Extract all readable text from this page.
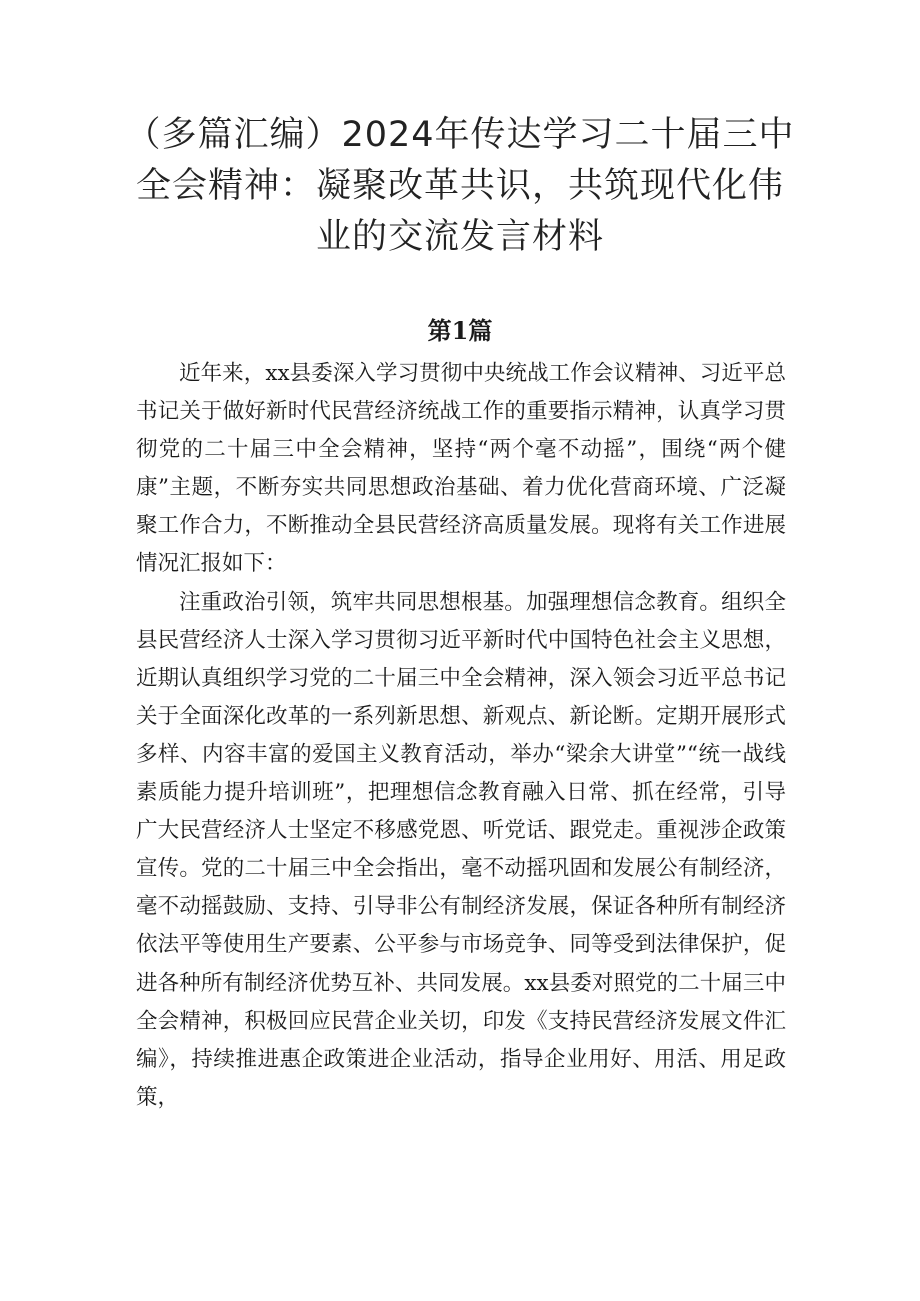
（多篇汇编）2024年传达学习二十届三中全会精神：凝聚改革共识，共筑现代化伟业的交流发言材料
第1篇

近年来，xx县委深入学习贯彻中央统战工作会议精神、习近平总书记关于做好新时代民营经济统战工作的重要指示精神，认真学习贯彻党的二十届三中全会精神，坚持“两个毫不动摇”，围绕“两个健康”主题，不断夯实共同思想政治基础、着力优化营商环境、广泛凝聚工作合力，不断推动全县民营经济高质量发展。现将有关工作进展情况汇报如下：

注重政治引领，筑牢共同思想根基。加强理想信念教育。组织全县民营经济人士深入学习贯彻习近平新时代中国特色社会主义思想，近期认真组织学习党的二十届三中全会精神，深入领会习近平总书记关于全面深化改革的一系列新思想、新观点、新论断。定期开展形式多样、内容丰富的爱国主义教育活动，举办“梁余大讲堂”“统一战线素质能力提升培训班”，把理想信念教育融入日常、抓在经常，引导广大民营经济人士坚定不移感党恩、听党话、跟党走。重视涉企政策宣传。党的二十届三中全会指出，毫不动摇巩固和发展公有制经济，毫不动摇鼓励、支持、引导非公有制经济发展，保证各种所有制经济依法平等使用生产要素、公平参与市场竞争、同等受到法律保护，促进各种所有制经济优势互补、共同发展。xx县委对照党的二十届三中全会精神，积极回应民营企业关切，印发《支持民营经济发展文件汇编》，持续推进惠企政策进企业活动，指导企业用好、用活、用足政策，
